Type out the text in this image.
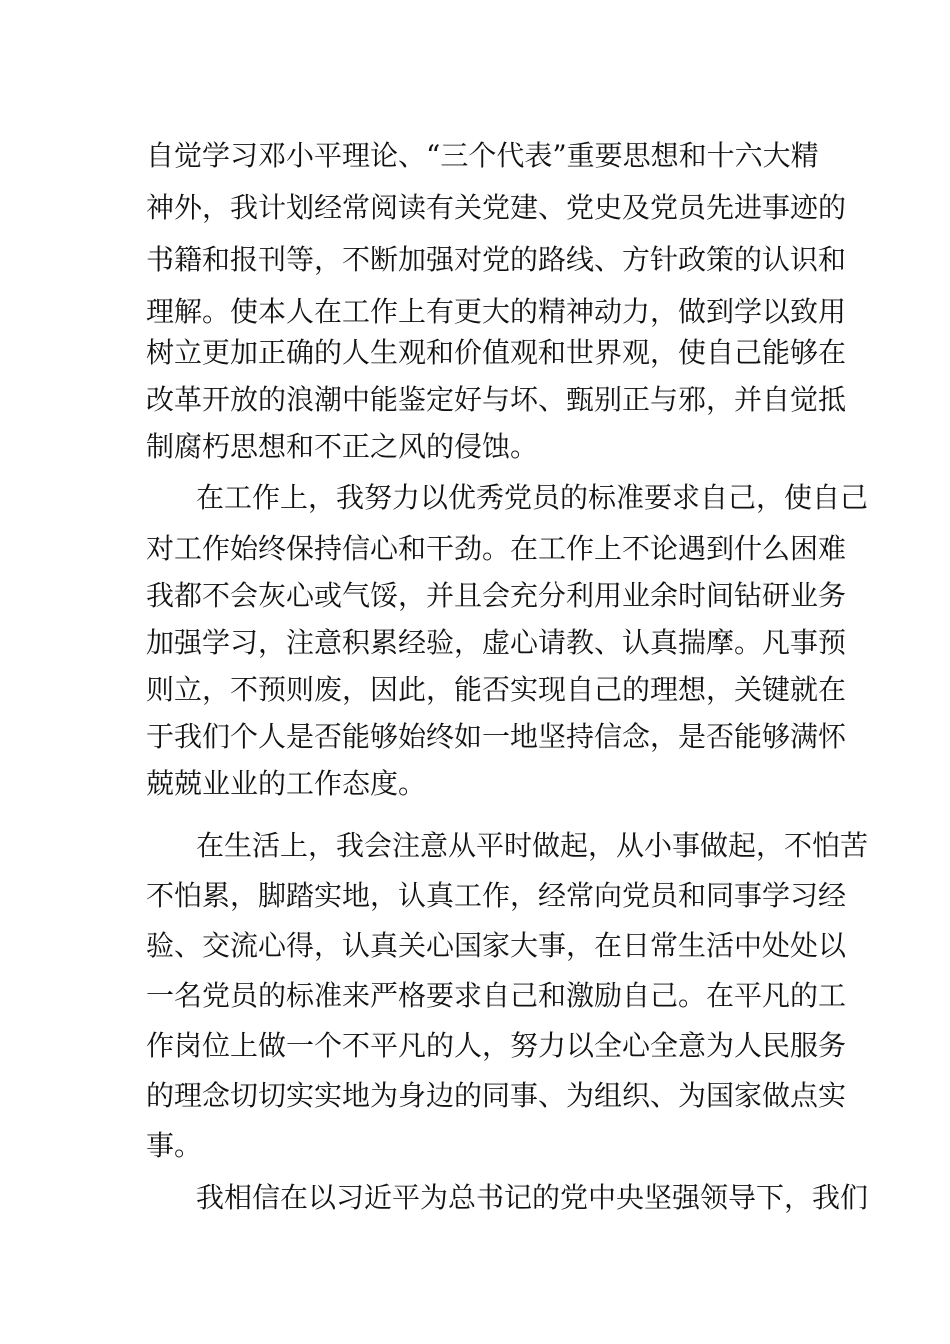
自觉学习邓小平理论、“三个代表”重要思想和十六大精
神外，我计划经常阅读有关党建、党史及党员先进事迹的
书籍和报刊等，不断加强对党的路线、方针政策的认识和
理解。使本人在工作上有更大的精神动力，做到学以致用
树立更加正确的人生观和价值观和世界观，使自己能够在
改革开放的浪潮中能鉴定好与坏、甄别正与邪，并自觉抵
制腐朽思想和不正之风的侵蚀。
在工作上，我努力以优秀党员的标准要求自己，使自己
对工作始终保持信心和干劲。在工作上不论遇到什么困难
我都不会灰心或气馁，并且会充分利用业余时间钻研业务
加强学习，注意积累经验，虚心请教、认真揣摩。凡事预
则立，不预则废，因此，能否实现自己的理想，关键就在
于我们个人是否能够始终如一地坚持信念，是否能够满怀
兢兢业业的工作态度。
在生活上，我会注意从平时做起，从小事做起，不怕苦
不怕累，脚踏实地，认真工作，经常向党员和同事学习经
验、交流心得，认真关心国家大事，在日常生活中处处以
一名党员的标准来严格要求自己和激励自己。在平凡的工
作岗位上做一个不平凡的人，努力以全心全意为人民服务
的理念切切实实地为身边的同事、为组织、为国家做点实
事。
我相信在以习近平为总书记的党中央坚强领导下，我们
